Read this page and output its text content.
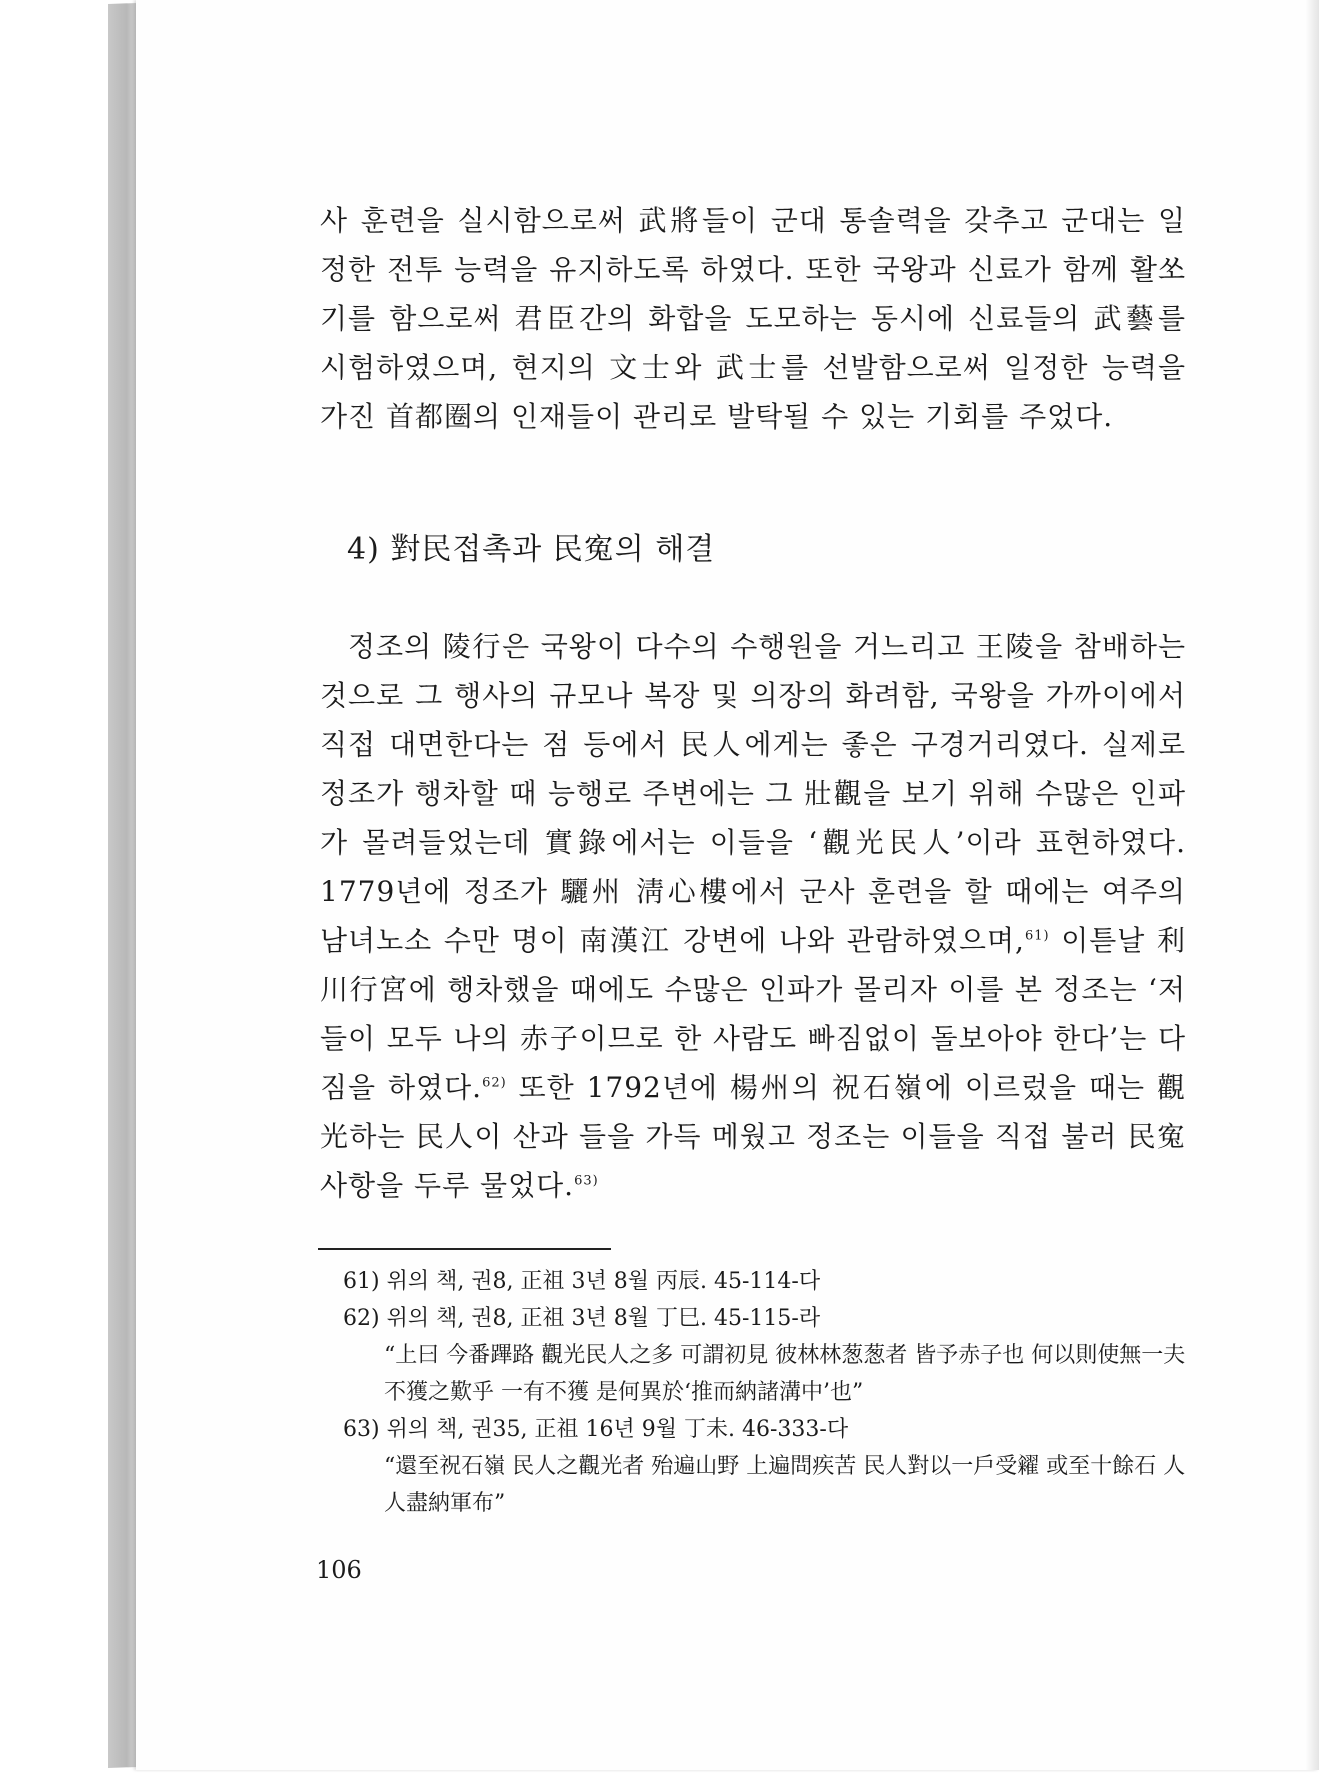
사 훈련을 실시함으로써 武將들이 군대 통솔력을 갖추고 군대는 일정한 전투 능력을 유지하도록 하였다. 또한 국왕과 신료가 함께 활쏘기를 함으로써 君臣간의 화합을 도모하는 동시에 신료들의 武藝를 시험하였으며, 현지의 文士와 武士를 선발함으로써 일정한 능력을 가진 首都圈의 인재들이 관리로 발탁될 수 있는 기회를 주었다.

4) 對民접촉과 民寃의 해결

정조의 陵行은 국왕이 다수의 수행원을 거느리고 王陵을 참배하는 것으로 그 행사의 규모나 복장 및 의장의 화려함, 국왕을 가까이에서 직접 대면한다는 점 등에서 民人에게는 좋은 구경거리였다. 실제로 정조가 행차할 때 능행로 주변에는 그 壯觀을 보기 위해 수많은 인파가 몰려들었는데 實錄에서는 이들을 ‘觀光民人’이라 표현하였다. 1779년에 정조가 驪州 淸心樓에서 군사 훈련을 할 때에는 여주의 남녀노소 수만 명이 南漢江 강변에 나와 관람하였으며,$^{61)}$ 이튿날 利川行宮에 행차했을 때에도 수많은 인파가 몰리자 이를 본 정조는 ‘저들이 모두 나의 赤子이므로 한 사람도 빠짐없이 돌보아야 한다’는 다짐을 하였다.$^{62)}$ 또한 1792년에 楊州의 祝石嶺에 이르렀을 때는 觀光하는 民人이 산과 들을 가득 메웠고 정조는 이들을 직접 불러 民寃 사항을 두루 물었다.$^{63)}$

61) 위의 책, 권8, 正祖 3년 8월 丙辰. 45-114-다

62) 위의 책, 권8, 正祖 3년 8월 丁巳. 45-115-라

“上曰 今番蹕路 觀光民人之多 可謂初見 彼林林葱葱者 皆予赤子也 何以則使無一夫不獲之歎乎 一有不獲 是何異於‘推而納諸溝中’也”

63) 위의 책, 권35, 正祖 16년 9월 丁未. 46-333-다

“還至祝石嶺 民人之觀光者 殆遍山野 上遍問疾苦 民人對以一戶受糴 或至十餘石 人人盡納軍布”

106
